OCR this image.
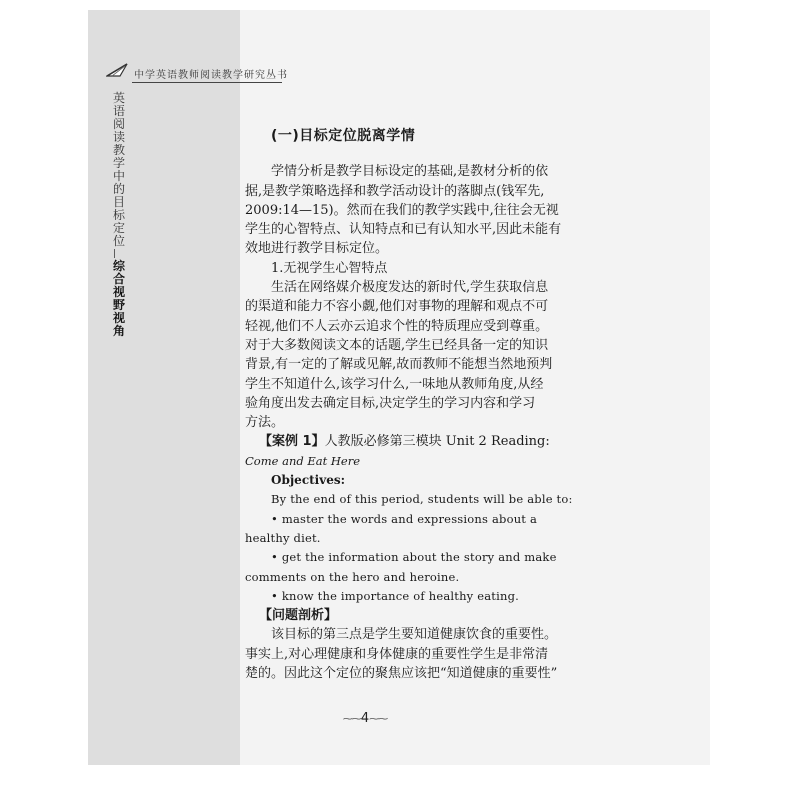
中学英语教师阅读教学研究丛书
英语阅读教学中的目标定位
|
综合视野视角

(一)目标定位脱离学情

学情分析是教学目标设定的基础,是教材分析的依

据,是教学策略选择和教学活动设计的落脚点(钱军先,

2009:14—15)。然而在我们的教学实践中,往往会无视

学生的心智特点、认知特点和已有认知水平,因此未能有

效地进行教学目标定位。

1.无视学生心智特点

生活在网络媒介极度发达的新时代,学生获取信息

的渠道和能力不容小觑,他们对事物的理解和观点不可

轻视,他们不人云亦云追求个性的特质理应受到尊重。

对于大多数阅读文本的话题,学生已经具备一定的知识

背景,有一定的了解或见解,故而教师不能想当然地预判

学生不知道什么,该学习什么,一味地从教师角度,从经

验角度出发去确定目标,决定学生的学习内容和学习

方法。

【案例 1】人教版必修第三模块 Unit 2 Reading:

Come and Eat Here

Objectives:

By the end of this period, students will be able to:

• master the words and expressions about a

healthy diet.

• get the information about the story and make

comments on the hero and heroine.

• know the importance of healthy eating.

【问题剖析】

该目标的第三点是学生要知道健康饮食的重要性。

事实上,对心理健康和身体健康的重要性学生是非常清

楚的。因此这个定位的聚焦应该把“知道健康的重要性”

⁓⁓4⁓⁓
